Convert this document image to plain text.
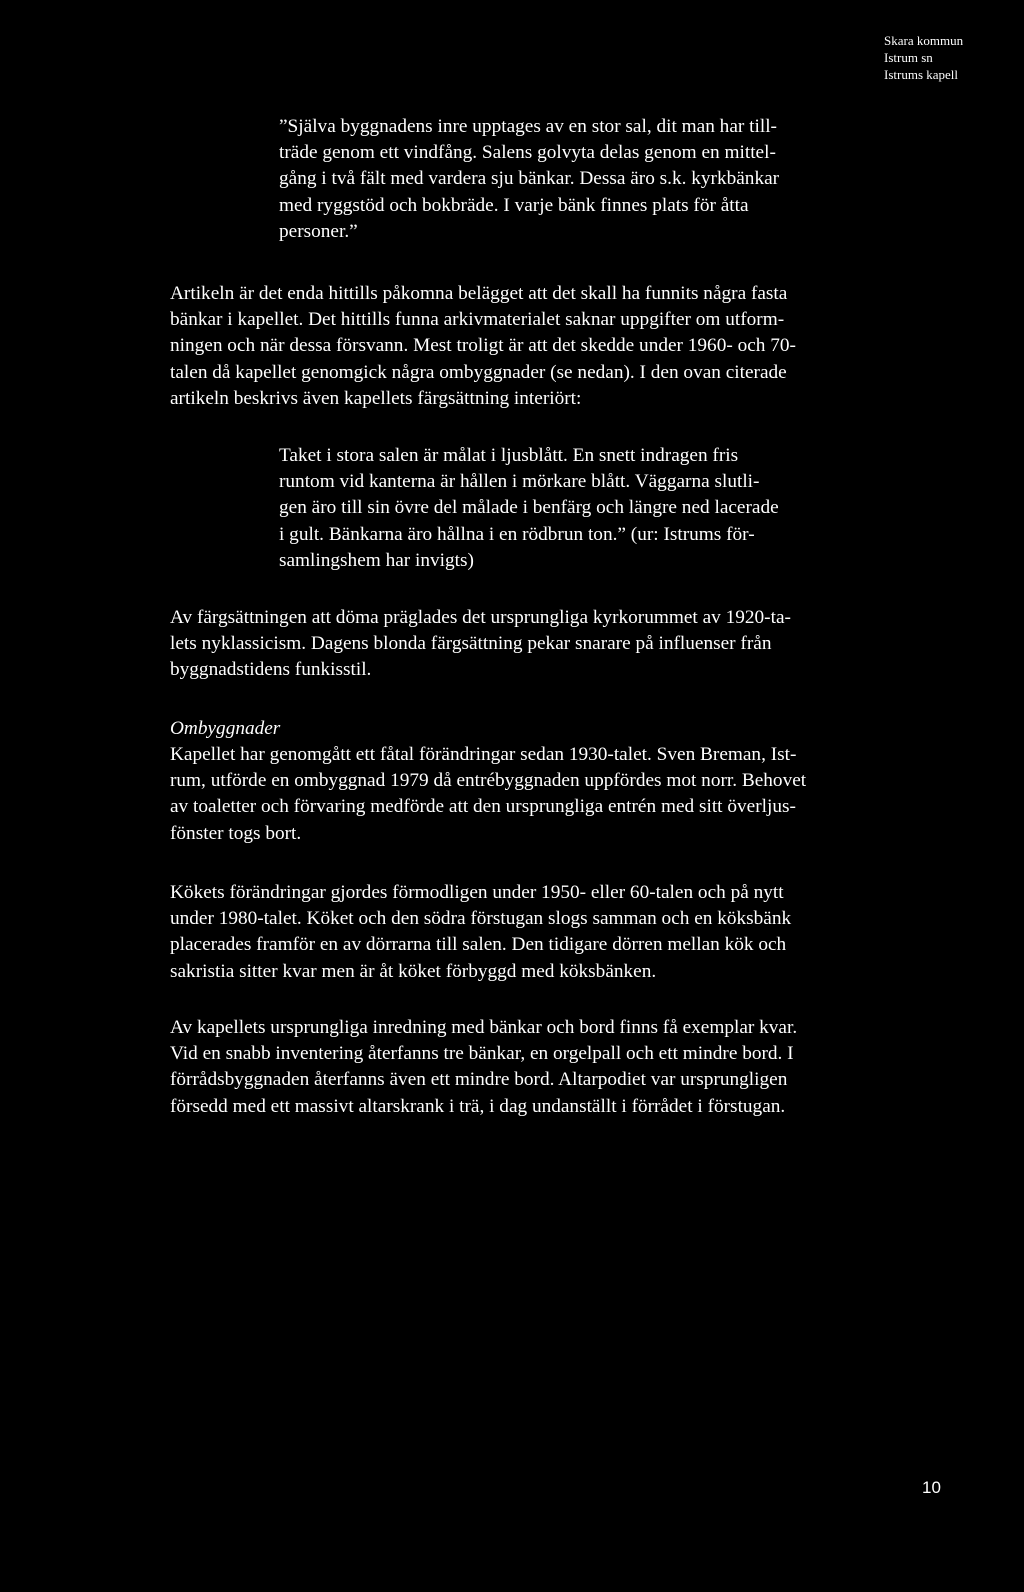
Skara kommun
Istrum sn
Istrums kapell
”Själva byggnadens inre upptages av en stor sal, dit man har till-
träde genom ett vindfång. Salens golvyta delas genom en mittel-
gång i två fält med vardera sju bänkar. Dessa äro s.k. kyrkbänkar
med ryggstöd och bokbräde. I varje bänk finnes plats för åtta
personer.”
Artikeln är det enda hittills påkomna belägget att det skall ha funnits några fasta
bänkar i kapellet. Det hittills funna arkivmaterialet saknar uppgifter om utform-
ningen och när dessa försvann. Mest troligt är att det skedde under 1960- och 70-
talen då kapellet genomgick några ombyggnader (se nedan). I den ovan citerade
artikeln beskrivs även kapellets färgsättning interiört:
Taket i stora salen är målat i ljusblått. En snett indragen fris
runtom vid kanterna är hållen i mörkare blått. Väggarna slutli-
gen äro till sin övre del målade i benfärg och längre ned lacerade
i gult. Bänkarna äro hållna i en rödbrun ton.” (ur: Istrums för-
samlingshem har invigts)
Av färgsättningen att döma präglades det ursprungliga kyrkorummet av 1920-ta-
lets nyklassicism. Dagens blonda färgsättning pekar snarare på influenser från
byggnadstidens funkisstil.
Ombyggnader
Kapellet har genomgått ett fåtal förändringar sedan 1930-talet. Sven Breman, Ist-
rum, utförde en ombyggnad 1979 då entrébyggnaden uppfördes mot norr. Behovet
av toaletter och förvaring medförde att den ursprungliga entrén med sitt överljus-
fönster togs bort.
Kökets förändringar gjordes förmodligen under 1950- eller 60-talen och på nytt
under 1980-talet. Köket och den södra förstugan slogs samman och en köksbänk
placerades framför en av dörrarna till salen. Den tidigare dörren mellan kök och
sakristia sitter kvar men är åt köket förbyggd med köksbänken.
Av kapellets ursprungliga inredning med bänkar och bord finns få exemplar kvar.
Vid en snabb inventering återfanns tre bänkar, en orgelpall och ett mindre bord. I
förrådsbyggnaden återfanns även ett mindre bord. Altarpodiet var ursprungligen
försedd med ett massivt altarskrank i trä, i dag undanställt i förrådet i förstugan.
10
